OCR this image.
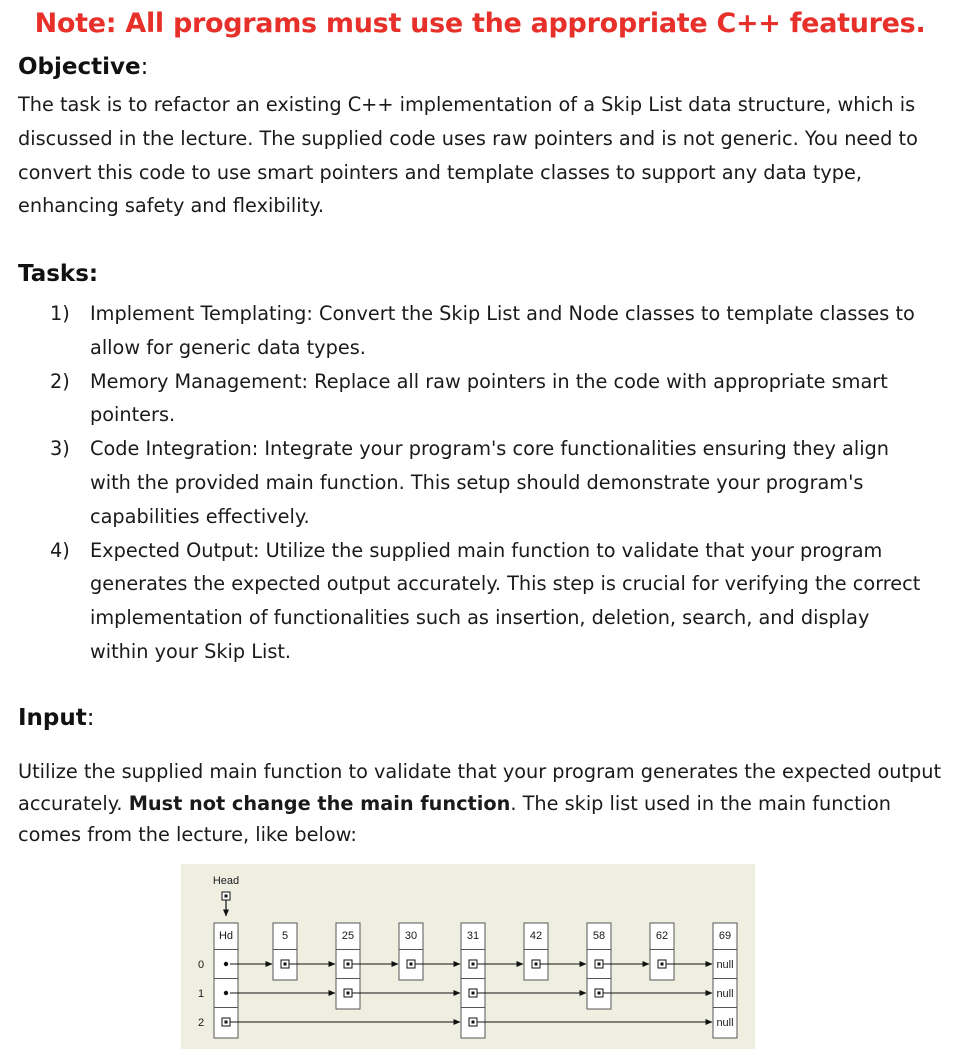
Note: All programs must use the appropriate C++ features.
Objective:
The task is to refactor an existing C++ implementation of a Skip List data structure, which is discussed in the lecture. The supplied code uses raw pointers and is not generic. You need to convert this code to use smart pointers and template classes to support any data type, enhancing safety and flexibility.
Tasks:
1) Implement Templating: Convert the Skip List and Node classes to template classes to allow for generic data types.
2) Memory Management: Replace all raw pointers in the code with appropriate smart pointers.
3) Code Integration: Integrate your program's core functionalities ensuring they align with the provided main function. This setup should demonstrate your program's capabilities effectively.
4) Expected Output: Utilize the supplied main function to validate that your program generates the expected output accurately. This step is crucial for verifying the correct implementation of functionalities such as insertion, deletion, search, and display within your Skip List.
Input:
Utilize the supplied main function to validate that your program generates the expected output accurately. Must not change the main function. The skip list used in the main function comes from the lecture, like below:
Head
0
1
2
Hd	5	25	30	31	42	58	62	69
null
null
null
